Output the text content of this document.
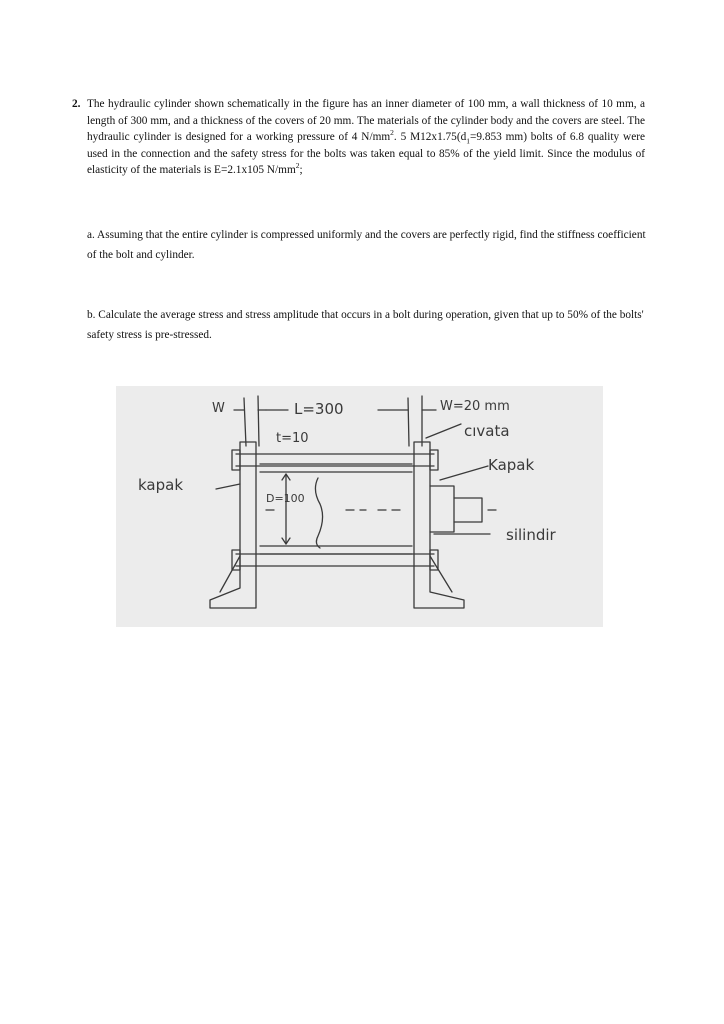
2. The hydraulic cylinder shown schematically in the figure has an inner diameter of 100 mm, a wall thickness of 10 mm, a length of 300 mm, and a thickness of the covers of 20 mm. The materials of the cylinder body and the covers are steel. The hydraulic cylinder is designed for a working pressure of 4 $N/mm^2$. 5 $M12x1.75(d_1=9.853$ mm) bolts of 6.8 quality were used in the connection and the safety stress for the bolts was taken equal to 85% of the yield limit. Since the modulus of elasticity of the materials is E=2.1x105 $N/mm^2$;
a. Assuming that the entire cylinder is compressed uniformly and the covers are perfectly rigid, find the stiffness coefficient of the bolt and cylinder.
b. Calculate the average stress and stress amplitude that occurs in a bolt during operation, given that up to 50% of the bolts' safety stress is pre-stressed.
W	L=300	W=20 mm
cıvata
t=10
Kapak
kapak
D=100
silindir
